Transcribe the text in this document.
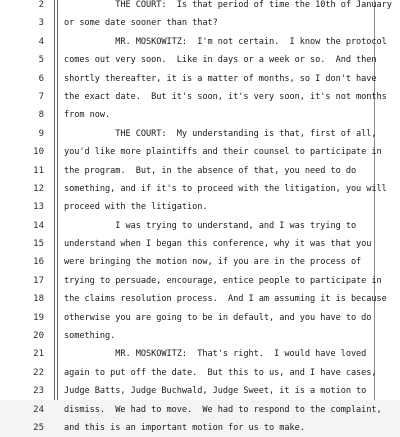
2 THE COURT:  Is that period of time the 10th of January
3 or some date sooner than that?
4 MR. MOSKOWITZ:  I'm not certain.  I know the protocol
5 comes out very soon.  Like in days or a week or so.  And then
6 shortly thereafter, it is a matter of months, so I don't have
7 the exact date.  But it's soon, it's very soon, it's not months
8 from now.
9 THE COURT:  My understanding is that, first of all,
10 you'd like more plaintiffs and their counsel to participate in
11 the program.  But, in the absence of that, you need to do
12 something, and if it's to proceed with the litigation, you will
13 proceed with the litigation.
14 I was trying to understand, and I was trying to
15 understand when I began this conference, why it was that you
16 were bringing the motion now, if you are in the process of
17 trying to persuade, encourage, entice people to participate in
18 the claims resolution process.  And I am assuming it is because
19 otherwise you are going to be in default, and you have to do
20 something.
21 MR. MOSKOWITZ:  That's right.  I would have loved
22 again to put off the date.  But this to us, and I have cases,
23 Judge Batts, Judge Buchwald, Judge Sweet, it is a motion to
24 dismiss.  We had to move.  We had to respond to the complaint,
25 and this is an important motion for us to make.
